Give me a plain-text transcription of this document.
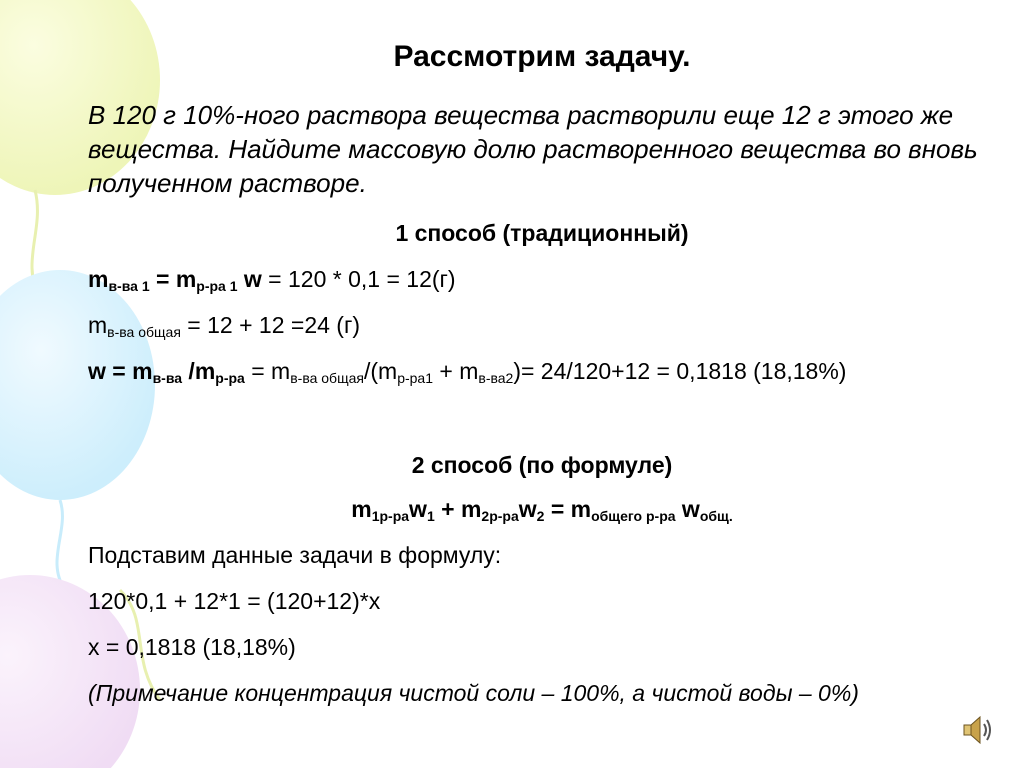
Рассмотрим задачу.
В 120 г 10%-ного раствора вещества растворили еще 12 г этого же вещества. Найдите массовую долю растворенного вещества во вновь полученном растворе.
1 способ (традиционный)
$m_{в-ва 1} = m_{р-ра 1}$ w = 120 * 0,1 = 12(г)
$m_{в-ва общая} = 12 + 12 =24$ (г)
$w = m_{в-ва}$ $/m_{р-ра} = m_{в-ва общая}/(m_{р-ра1} + m_{в-ва2})= 24/120+12 = 0,1818$ (18,18%)
2 способ (по формуле)
$m_{1р-ра}w_1 + m_{2р-ра}w_2 = m_{общего р-ра}$ $w_{общ.}$
Подставим данные задачи в формулу:
120*0,1 + 12*1 = (120+12)*x
x = 0,1818 (18,18%)
(Примечание концентрация чистой соли – 100%, а чистой воды – 0%)
